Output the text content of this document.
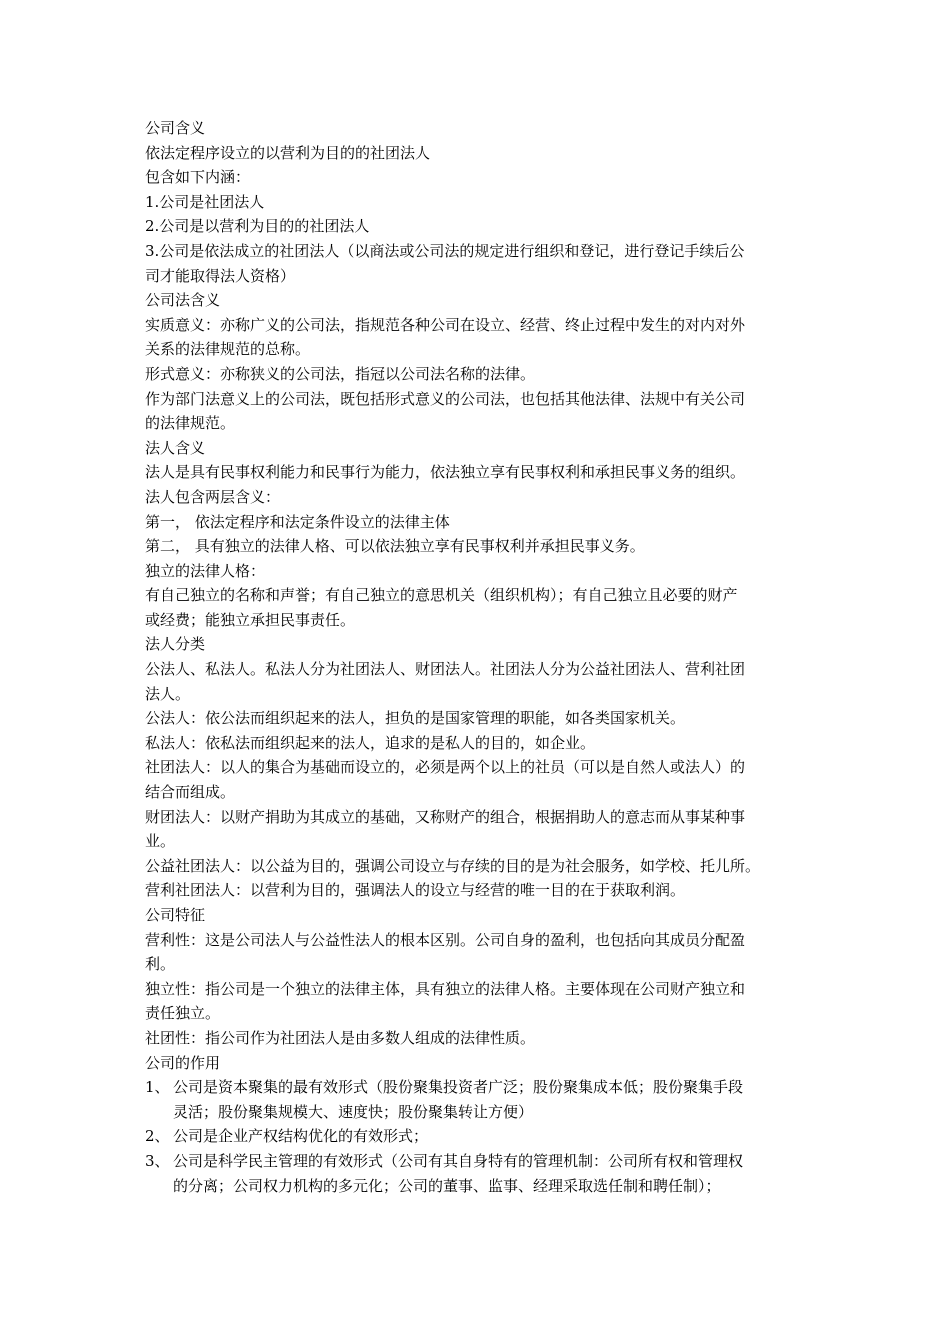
公司含义
依法定程序设立的以营利为目的的社团法人
包含如下内涵：
1.公司是社团法人
2.公司是以营利为目的的社团法人
3.公司是依法成立的社团法人（以商法或公司法的规定进行组织和登记，进行登记手续后公
司才能取得法人资格）
公司法含义
实质意义：亦称广义的公司法，指规范各种公司在设立、经营、终止过程中发生的对内对外
关系的法律规范的总称。
形式意义：亦称狭义的公司法，指冠以公司法名称的法律。
作为部门法意义上的公司法，既包括形式意义的公司法，也包括其他法律、法规中有关公司
的法律规范。
法人含义
法人是具有民事权利能力和民事行为能力，依法独立享有民事权利和承担民事义务的组织。
法人包含两层含义：
第一， 依法定程序和法定条件设立的法律主体
第二， 具有独立的法律人格、可以依法独立享有民事权利并承担民事义务。
独立的法律人格：
有自己独立的名称和声誉；有自己独立的意思机关（组织机构）；有自己独立且必要的财产
或经费；能独立承担民事责任。
法人分类
公法人、私法人。私法人分为社团法人、财团法人。社团法人分为公益社团法人、营利社团
法人。
公法人：依公法而组织起来的法人，担负的是国家管理的职能，如各类国家机关。
私法人：依私法而组织起来的法人，追求的是私人的目的，如企业。
社团法人：以人的集合为基础而设立的，必须是两个以上的社员（可以是自然人或法人）的
结合而组成。
财团法人：以财产捐助为其成立的基础，又称财产的组合，根据捐助人的意志而从事某种事
业。
公益社团法人：以公益为目的，强调公司设立与存续的目的是为社会服务，如学校、托儿所。
营利社团法人：以营利为目的，强调法人的设立与经营的唯一目的在于获取利润。
公司特征
营利性：这是公司法人与公益性法人的根本区别。公司自身的盈利，也包括向其成员分配盈
利。
独立性：指公司是一个独立的法律主体，具有独立的法律人格。主要体现在公司财产独立和
责任独立。
社团性：指公司作为社团法人是由多数人组成的法律性质。
公司的作用
1、 公司是资本聚集的最有效形式（股份聚集投资者广泛；股份聚集成本低；股份聚集手段
灵活；股份聚集规模大、速度快；股份聚集转让方便）
2、 公司是企业产权结构优化的有效形式；
3、 公司是科学民主管理的有效形式（公司有其自身特有的管理机制：公司所有权和管理权
的分离；公司权力机构的多元化；公司的董事、监事、经理采取选任制和聘任制）；
